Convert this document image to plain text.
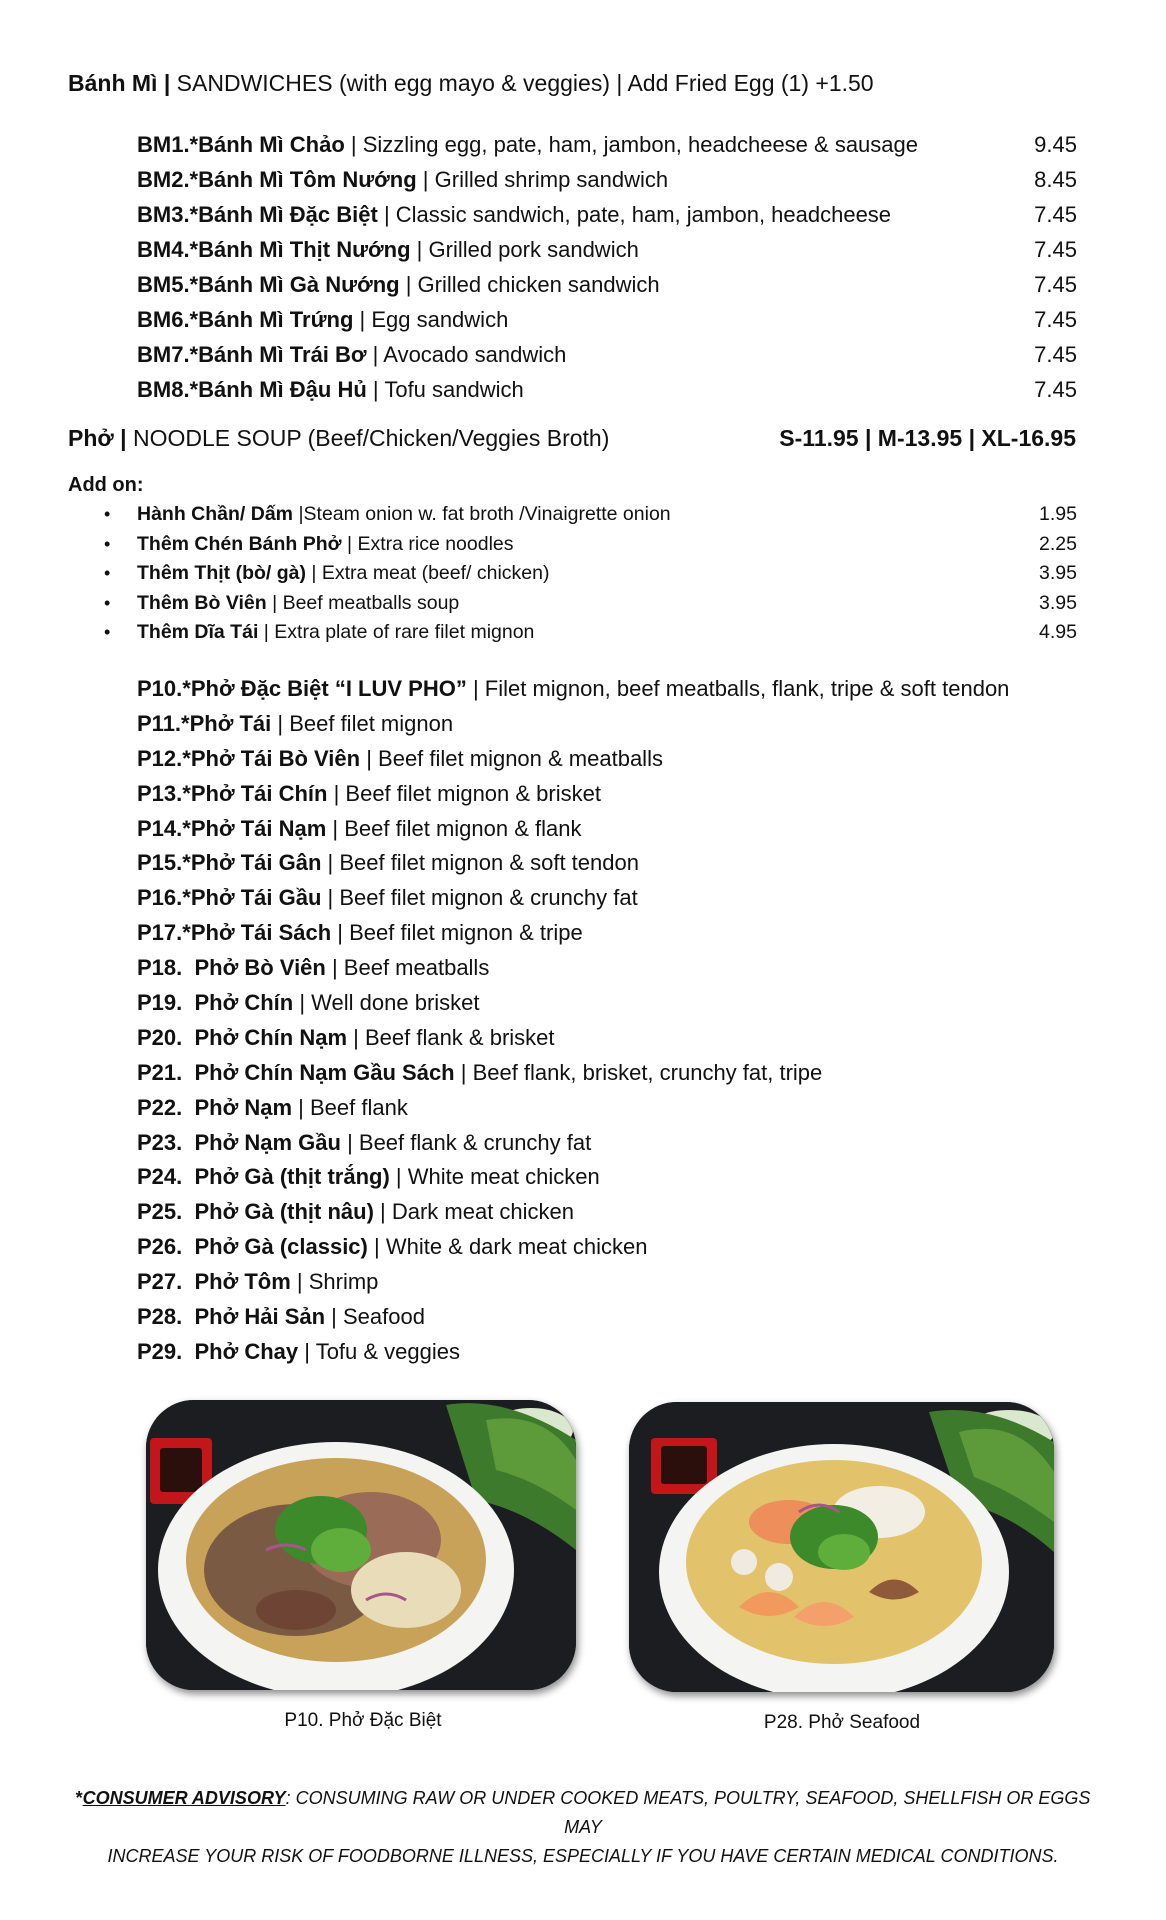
Bánh Mì | SANDWICHES (with egg mayo & veggies) | Add Fried Egg (1) +1.50
BM1.*Bánh Mì Chảo | Sizzling egg, pate, ham, jambon, headcheese & sausage	9.45
BM2.*Bánh Mì Tôm Nướng | Grilled shrimp sandwich	8.45
BM3.*Bánh Mì Đặc Biệt | Classic sandwich, pate, ham, jambon, headcheese	7.45
BM4.*Bánh Mì Thịt Nướng | Grilled pork sandwich	7.45
BM5.*Bánh Mì Gà Nướng | Grilled chicken sandwich	7.45
BM6.*Bánh Mì Trứng | Egg sandwich	7.45
BM7.*Bánh Mì Trái Bơ | Avocado sandwich	7.45
BM8.*Bánh Mì Đậu Hủ | Tofu sandwich	7.45
Phở | NOODLE SOUP (Beef/Chicken/Veggies Broth)	S-11.95 | M-13.95 | XL-16.95
Add on:
• Hành Chần/ Dấm |Steam onion w. fat broth /Vinaigrette onion	1.95
• Thêm Chén Bánh Phở | Extra rice noodles	2.25
• Thêm Thịt (bò/ gà) | Extra meat (beef/ chicken)	3.95
• Thêm Bò Viên | Beef meatballs soup	3.95
• Thêm Dĩa Tái | Extra plate of rare filet mignon	4.95
P10.*Phở Đặc Biệt “I LUV PHO” | Filet mignon, beef meatballs, flank, tripe & soft tendon
P11.*Phở Tái | Beef filet mignon
P12.*Phở Tái Bò Viên | Beef filet mignon & meatballs
P13.*Phở Tái Chín | Beef filet mignon & brisket
P14.*Phở Tái Nạm | Beef filet mignon & flank
P15.*Phở Tái Gân | Beef filet mignon & soft tendon
P16.*Phở Tái Gầu | Beef filet mignon & crunchy fat
P17.*Phở Tái Sách | Beef filet mignon & tripe
P18.  Phở Bò Viên | Beef meatballs
P19.  Phở Chín | Well done brisket
P20.  Phở Chín Nạm | Beef flank & brisket
P21.  Phở Chín Nạm Gầu Sách | Beef flank, brisket, crunchy fat, tripe
P22.  Phở Nạm | Beef flank
P23.  Phở Nạm Gầu | Beef flank & crunchy fat
P24.  Phở Gà (thịt trắng) | White meat chicken
P25.  Phở Gà (thịt nâu) | Dark meat chicken
P26.  Phở Gà (classic) | White & dark meat chicken
P27.  Phở Tôm | Shrimp
P28.  Phở Hải Sản | Seafood
P29.  Phở Chay | Tofu & veggies
P10. Phở Đặc Biệt	P28. Phở Seafood
*CONSUMER ADVISORY: CONSUMING RAW OR UNDER COOKED MEATS, POULTRY, SEAFOOD, SHELLFISH OR EGGS MAY
INCREASE YOUR RISK OF FOODBORNE ILLNESS, ESPECIALLY IF YOU HAVE CERTAIN MEDICAL CONDITIONS.
